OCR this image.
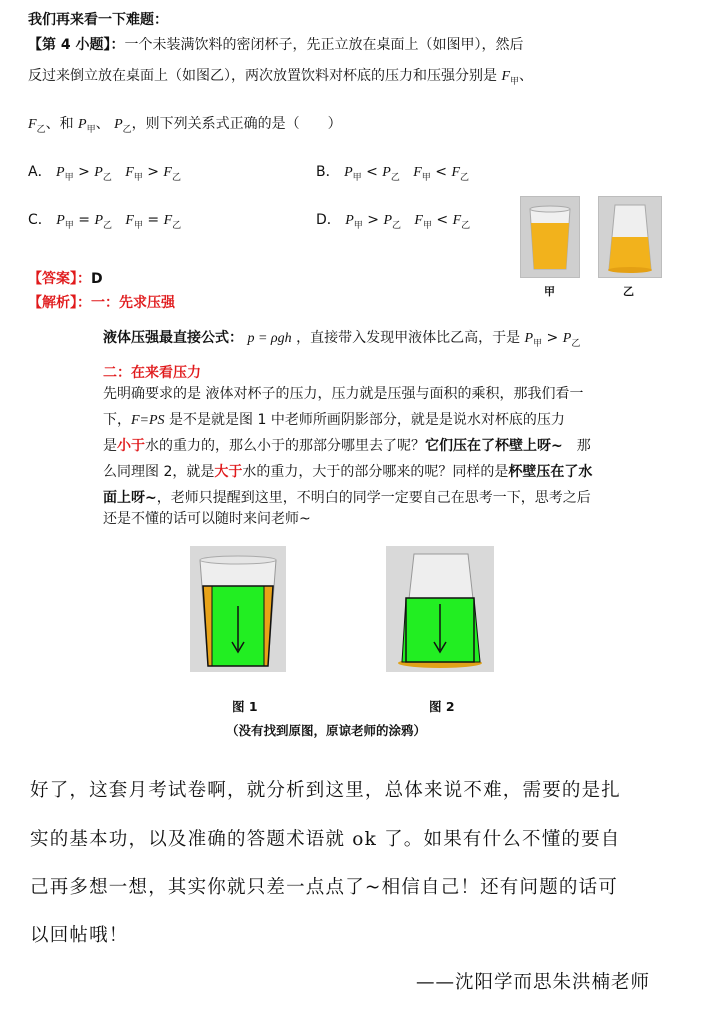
我们再来看一下难题：
【第 4 小题】：一个未装满饮料的密闭杯子，先正立放在桌面上（如图甲），然后
反过来倒立放在桌面上（如图乙），两次放置饮料对杯底的压力和压强分别是 $F_甲$、
$F_乙$、和 $P_甲$、 $P_乙$，则下列关系式正确的是（　　）
A． $P_甲 > P_乙$ $F_甲 > F_乙$	B． $P_甲 < P_乙$ $F_甲 < F_乙$
C． $P_甲 = P_乙$ $F_甲 = F_乙$	D． $P_甲 > P_乙$ $F_甲 < F_乙$
甲	乙
【答案】：D
【解析】：一：先求压强
液体压强最直接公式： p = ρgh ，直接带入发现甲液体比乙高，于是 $P_甲 > P_乙$
二：在来看压力
先明确要求的是 液体对杯子的压力，压力就是压强与面积的乘积，那我们看一
下，F=PS 是不是就是图 1 中老师所画阴影部分，就是是说水对杯底的压力
是小于水的重力的，那么小于的那部分哪里去了呢？它们压在了杯壁上呀~　那
么同理图 2，就是大于水的重力，大于的部分哪来的呢？同样的是杯壁压在了水
面上呀~，老师只提醒到这里，不明白的同学一定要自己在思考一下，思考之后
还是不懂的话可以随时来问老师~
图 1	图 2
（没有找到原图，原谅老师的涂鸦）
好了，这套月考试卷啊，就分析到这里，总体来说不难，需要的是扎
实的基本功，以及准确的答题术语就 ok 了。如果有什么不懂的要自
己再多想一想，其实你就只差一点点了~相信自己！还有问题的话可
以回帖哦！
——沈阳学而思朱洪楠老师
